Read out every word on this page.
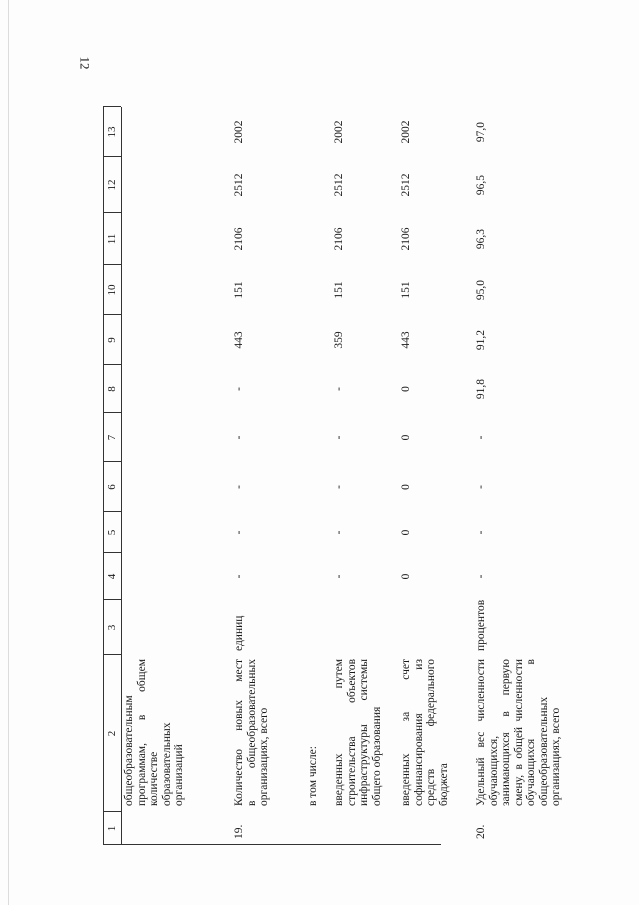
12
1
2
3
4
5
6
7
8
9
10
11
12
13
общеобразовательным программам, в общем количестве образовательных организаций
19.
Количество новых мест в общеобразовательных организациях, всего
единиц
-
-
-
-
-
443
151
2106
2512
2002
в том числе: введенных путем строительства объектов инфраструктуры системы общего образования
-
-
-
-
-
359
151
2106
2512
2002
введенных за счет софинансирования из средств федерального бюджета
0
0
0
0
0
443
151
2106
2512
2002
20.
Удельный вес численности обучающихся, занимающихся в первую смену, в общей численности обучающихся в общеобразовательных организациях, всего
процентов
-
-
-
-
91,8
91,2
95,0
96,3
96,5
97,0
